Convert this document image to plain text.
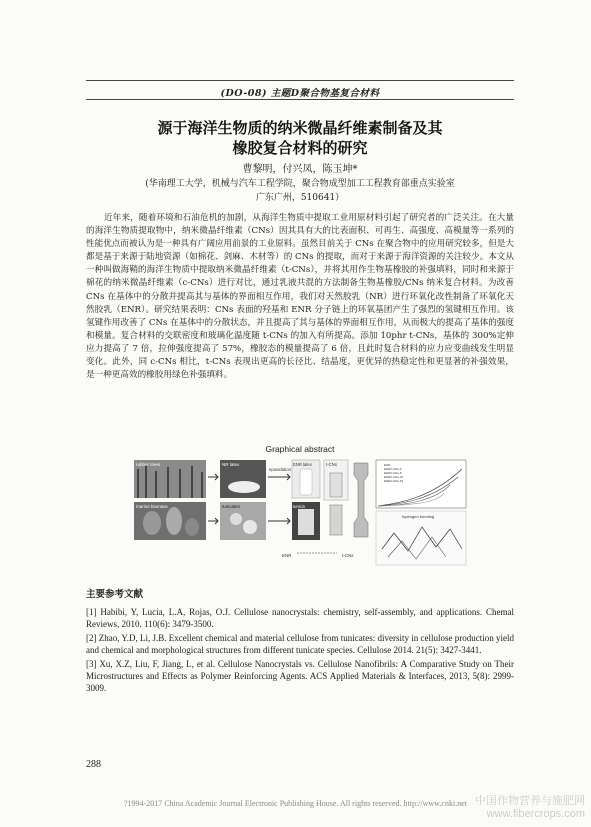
(DO-08) 主题D聚合物基复合材料
源于海洋生物质的纳米微晶纤维素制备及其
橡胶复合材料的研究
曹黎明，付兴凤，陈玉坤*
(华南理工大学，机械与汽车工程学院，聚合物成型加工工程教育部重点实验室
广东广州，510641）

近年来，随着环境和石油危机的加剧，从海洋生物质中提取工业用原材料引起了研究者的广泛关注。在大量的海洋生物质提取物中，纳米微晶纤维素（CNs）因其具有大的比表面积、可再生、高强度、高模量等一系列的性能优点而被认为是一种具有广阔应用前景的工业原料。虽然目前关于 CNs 在聚合物中的应用研究较多，但是大都是基于来源于陆地资源（如棉花、剑麻、木材等）的 CNs 的提取，而对于来源于海洋资源的关注较少。本文从一种叫做海鞘的海洋生物质中提取纳米微晶纤维素（t-CNs），并将其用作生物基橡胶的补强填料，同时和来源于棉花的纳米微晶纤维素（c-CNs）进行对比，通过乳液共混的方法制备生物基橡胶/CNs 纳米复合材料。为改善 CNs 在基体中的分散并提高其与基体的界面相互作用，我们对天然胶乳（NR）进行环氧化改性制备了环氧化天然胶乳（ENR）。研究结果表明：CNs 表面的羟基和 ENR 分子链上的环氧基团产生了强烈的氢键相互作用。该氢键作用改善了 CNs 在基体中的分散状态，并且提高了其与基体的界面相互作用，从而极大的提高了基体的强度和模量。复合材料的交联密度和玻璃化温度随 t-CNs 的加入有所提高。添加 10phr t-CNs，基体的 300%定伸应力提高了 7 倍，拉伸强度提高了 57%，橡胶态的模量提高了 6 倍，且此时复合材料的应力应变曲线发生明显变化。此外，同 c-CNs 相比，t-CNs 表现出更高的长径比、结晶度，更优异的热稳定性和更显著的补强效果，是一种更高效的橡胶用绿色补强填料。

Graphical abstract
rubber trees
marine biomass
NR latex
tunicates
epoxidation
ENR latex
tunicin
t-CNs	ENR
ENR/t-CNs-2
ENR/t-CNs-5
ENR/t-CNs-10
ENR/t-CNs-15
hydrogen bonding
ENR	t-CNs
主要参考文献
[1] Habibi, Y, Lucia, L.A, Rojas, O.J. Cellulose nanocrystals: chemistry, self-assembly, and applications. Chemal Reviews, 2010. 110(6): 3479-3500.
[2] Zhao, Y.D, Li, J.B. Excellent chemical and material cellulose from tunicates: diversity in cellulose production yield and chemical and morphological structures from different tunicate species. Cellulose 2014. 21(5): 3427-3441.
[3] Xu, X.Z, Liu, F, Jiang, L, et al. Cellulose Nanocrystals vs. Cellulose Nanofibrils: A Comparative Study on Their Microstructures and Effects as Polymer Reinforcing Agents. ACS Applied Materials & Interfaces, 2013, 5(8): 2999-3009.
288
?1994-2017 China Academic Journal Electronic Publishing House. All rights reserved. http://www.cnki.net 中国作物营养与施肥网
www.fibercrops.com
